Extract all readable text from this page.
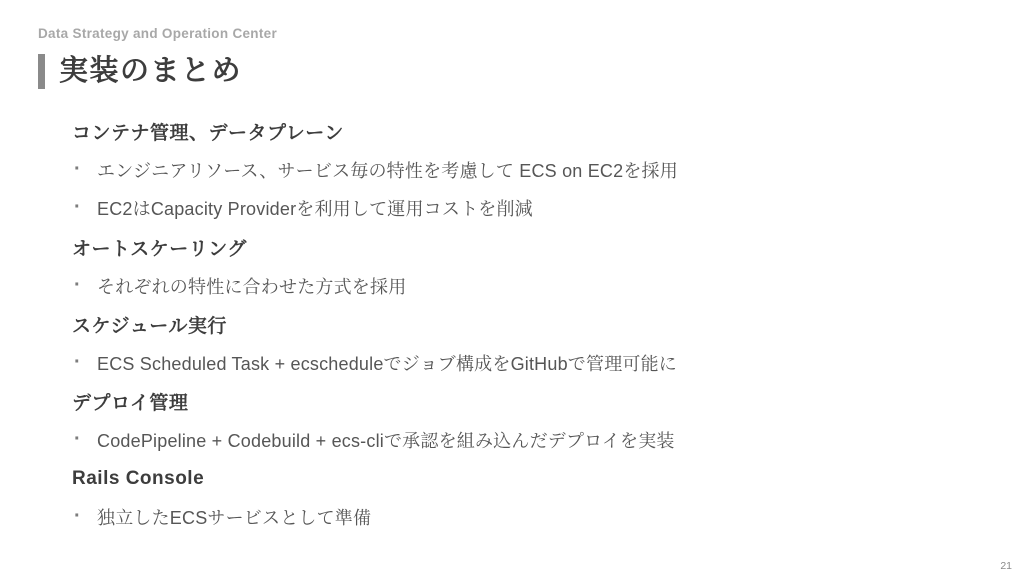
Data Strategy and Operation Center
実装のまとめ
コンテナ管理、データプレーン
· エンジニアリソース、サービス毎の特性を考慮して ECS on EC2を採用
· EC2はCapacity Providerを利用して運用コストを削減
オートスケーリング
· それぞれの特性に合わせた方式を採用
スケジュール実行
· ECS Scheduled Task + ecscheduleでジョブ構成をGitHubで管理可能に
デプロイ管理
· CodePipeline + Codebuild + ecs-cliで承認を組み込んだデプロイを実装
Rails Console
· 独立したECSサービスとして準備
21
